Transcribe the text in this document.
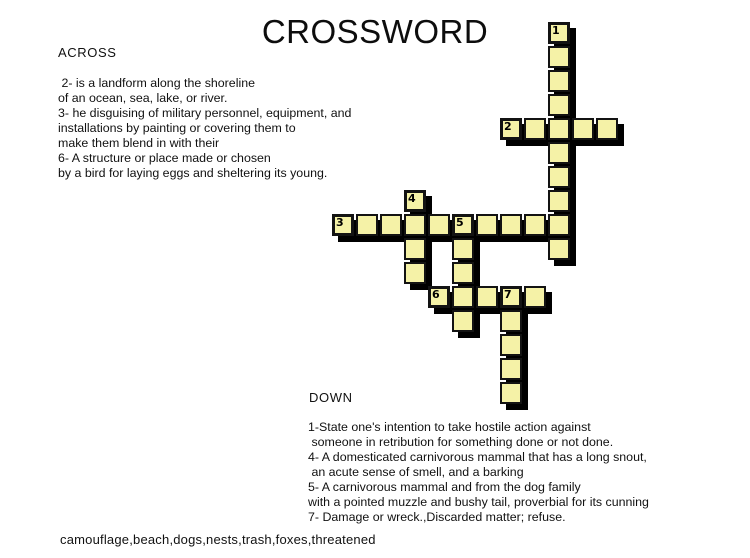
CROSSWORD
ACROSS
2- is a landform along the shoreline
of an ocean, sea, lake, or river.
3- he disguising of military personnel, equipment, and
installations by painting or covering them to
make them blend in with their
6- A structure or place made or chosen
by a bird for laying eggs and sheltering its young.
DOWN
1-State one's intention to take hostile action against
someone in retribution for something done or not done.
4- A domesticated carnivorous mammal that has a long snout,
an acute sense of smell, and a barking
5- A carnivorous mammal and from the dog family
with a pointed muzzle and bushy tail, proverbial for its cunning
7- Damage or wreck.,Discarded matter; refuse.
camouflage,beach,dogs,nests,trash,foxes,threatened
1
2
3	5
4
6	7
